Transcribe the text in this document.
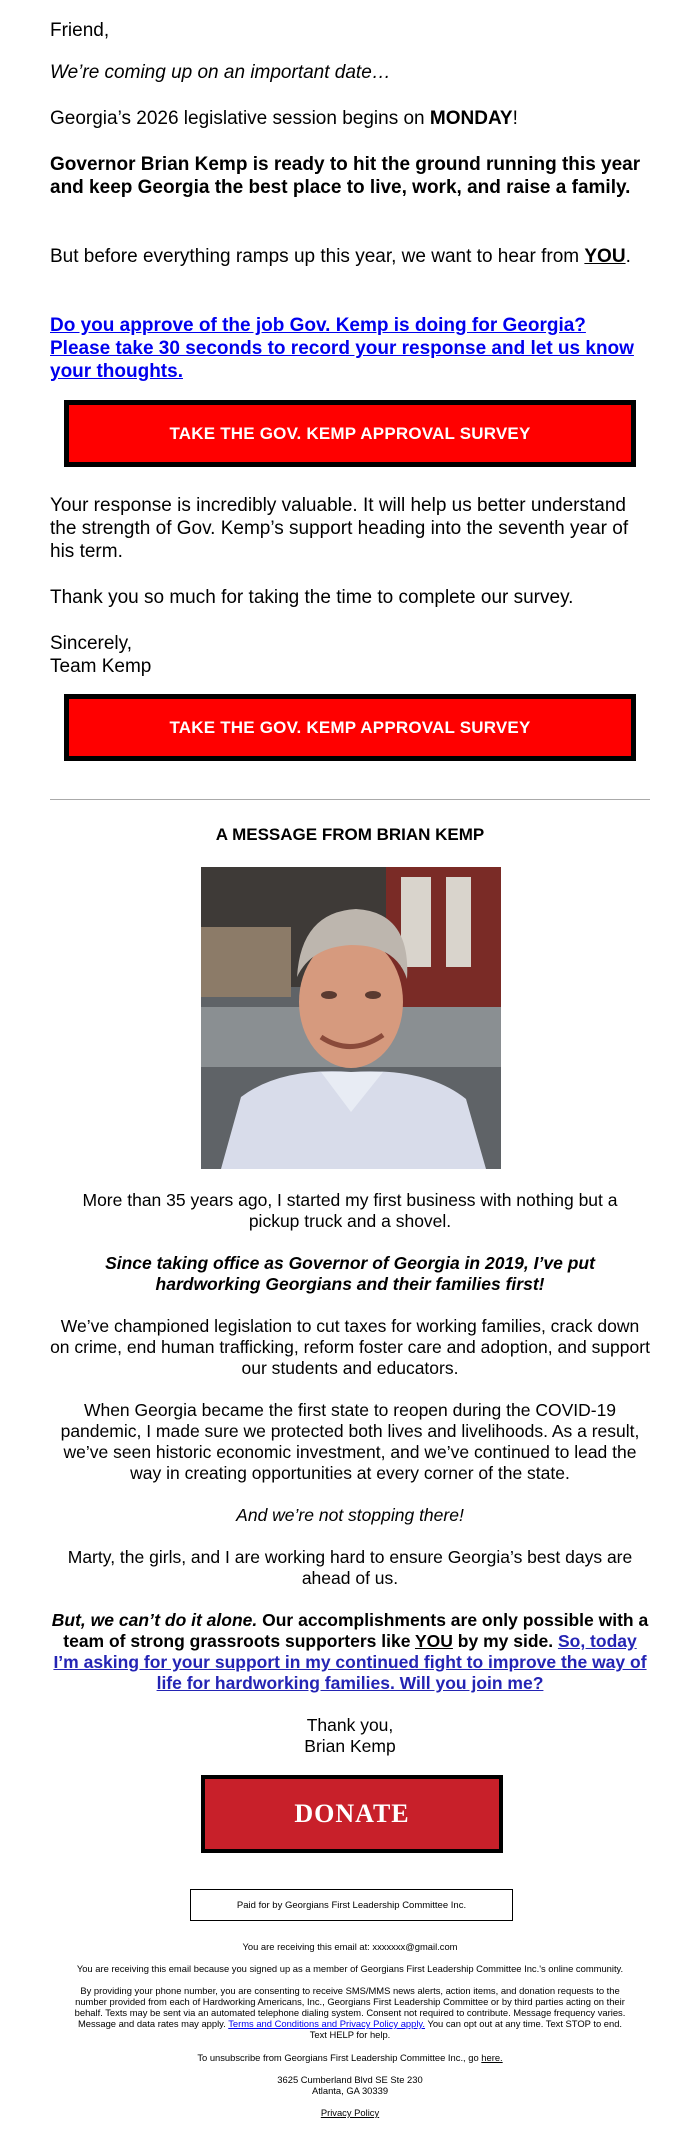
Friend,

We’re coming up on an important date…

Georgia’s 2026 legislative session begins on MONDAY!

Governor Brian Kemp is ready to hit the ground running this year and keep Georgia the best place to live, work, and raise a family.

But before everything ramps up this year, we want to hear from YOU.

Do you approve of the job Gov. Kemp is doing for Georgia? Please take 30 seconds to record your response and let us know your thoughts.

TAKE THE GOV. KEMP APPROVAL SURVEY

Your response is incredibly valuable. It will help us better understand the strength of Gov. Kemp’s support heading into the seventh year of his term.

Thank you so much for taking the time to complete our survey.

Sincerely,

Team Kemp

TAKE THE GOV. KEMP APPROVAL SURVEY
A MESSAGE FROM BRIAN KEMP

More than 35 years ago, I started my first business with nothing but a pickup truck and a shovel.

Since taking office as Governor of Georgia in 2019, I’ve put hardworking Georgians and their families first!

We’ve championed legislation to cut taxes for working families, crack down on crime, end human trafficking, reform foster care and adoption, and support our students and educators.

When Georgia became the first state to reopen during the COVID-19 pandemic, I made sure we protected both lives and livelihoods. As a result, we’ve seen historic economic investment, and we’ve continued to lead the way in creating opportunities at every corner of the state.

And we’re not stopping there!

Marty, the girls, and I are working hard to ensure Georgia’s best days are ahead of us.

But, we can’t do it alone. Our accomplishments are only possible with a team of strong grassroots supporters like YOU by my side. So, today I’m asking for your support in my continued fight to improve the way of life for hardworking families. Will you join me?

Thank you,

Brian Kemp

DONATE
Paid for by Georgians First Leadership Committee Inc.

You are receiving this email at: xxxxxxx@gmail.com

You are receiving this email because you signed up as a member of Georgians First Leadership Committee Inc.'s online community.

By providing your phone number, you are consenting to receive SMS/MMS news alerts, action items, and donation requests to the number provided from each of Hardworking Americans, Inc., Georgians First Leadership Committee or by third parties acting on their behalf. Texts may be sent via an automated telephone dialing system. Consent not required to contribute. Message frequency varies. Message and data rates may apply. Terms and Conditions and Privacy Policy apply. You can opt out at any time. Text STOP to end. Text HELP for help.

To unsubscribe from Georgians First Leadership Committee Inc., go here.

3625 Cumberland Blvd SE Ste 230

Atlanta, GA 30339

Privacy Policy
